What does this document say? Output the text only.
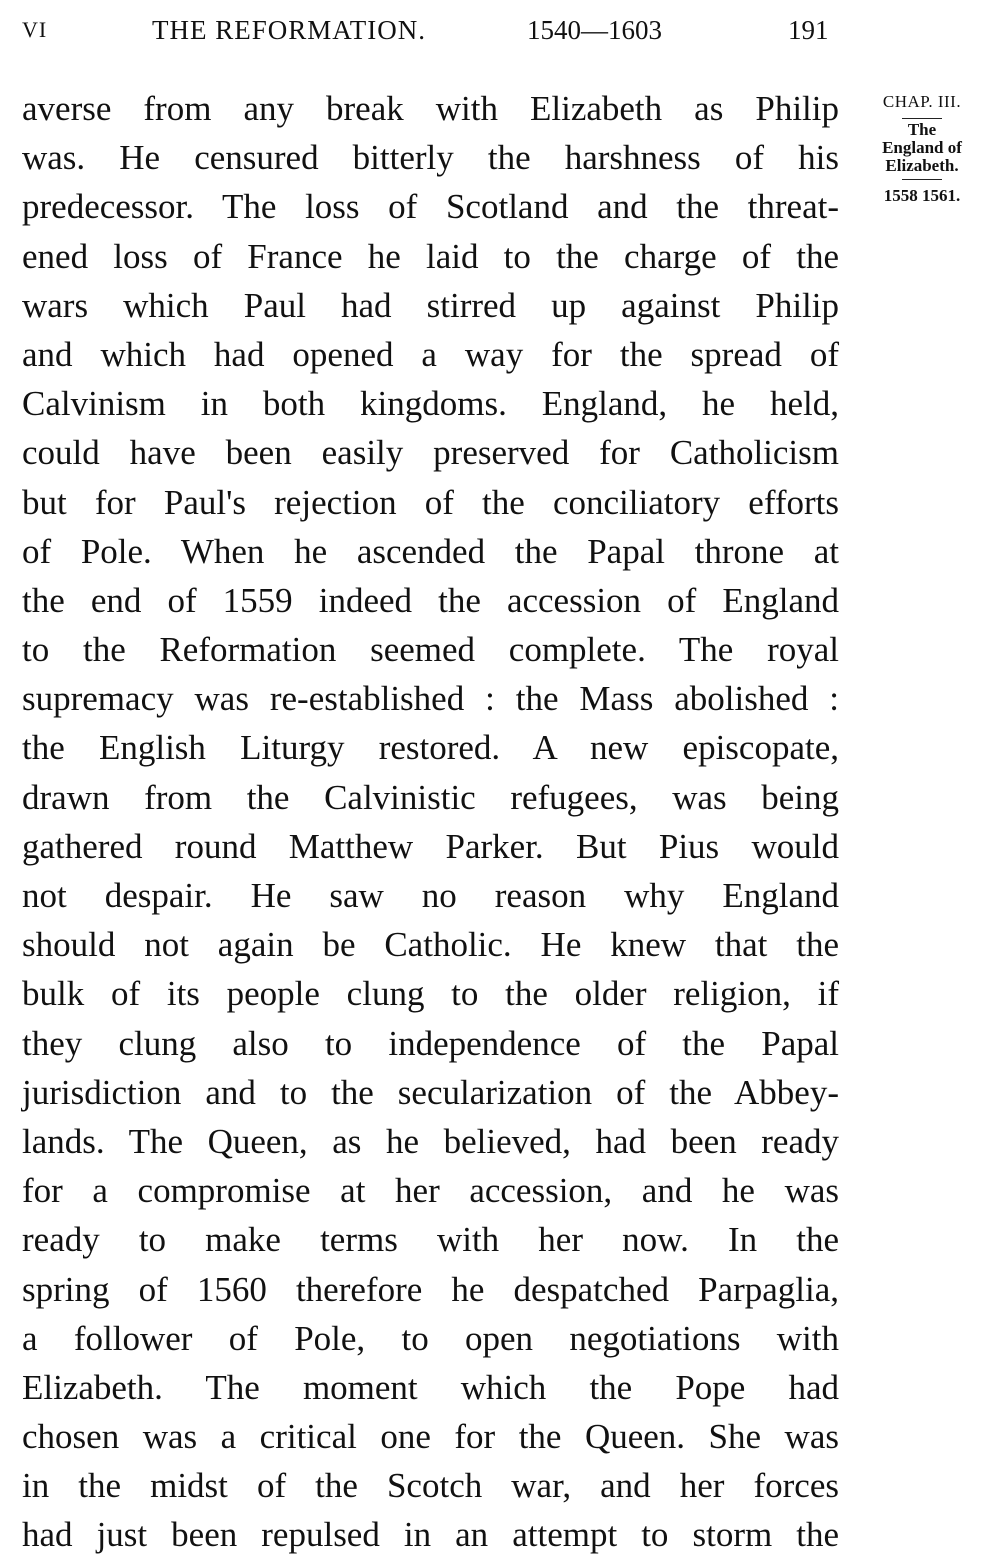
VI	THE REFORMATION.	1540—1603	191
averse from any break with Elizabeth as Philip
was. He censured bitterly the harshness of his
predecessor. The loss of Scotland and the threat-
ened loss of France he laid to the charge of the
wars which Paul had stirred up against Philip
and which had opened a way for the spread of
Calvinism in both kingdoms. England, he held,
could have been easily preserved for Catholicism
but for Paul's rejection of the conciliatory efforts
of Pole. When he ascended the Papal throne at
the end of 1559 indeed the accession of England
to the Reformation seemed complete. The royal
supremacy was re-established : the Mass abolished :
the English Liturgy restored. A new episcopate,
drawn from the Calvinistic refugees, was being
gathered round Matthew Parker. But Pius would
not despair. He saw no reason why England
should not again be Catholic. He knew that the
bulk of its people clung to the older religion, if
they clung also to independence of the Papal
jurisdiction and to the secularization of the Abbey-
lands. The Queen, as he believed, had been ready
for a compromise at her accession, and he was
ready to make terms with her now. In the
spring of 1560 therefore he despatched Parpaglia,
a follower of Pole, to open negotiations with
Elizabeth. The moment which the Pope had
chosen was a critical one for the Queen. She was
in the midst of the Scotch war, and her forces
had just been repulsed in an attempt to storm the
CHAP. III.
The
England of
Elizabeth.
1558 1561.
